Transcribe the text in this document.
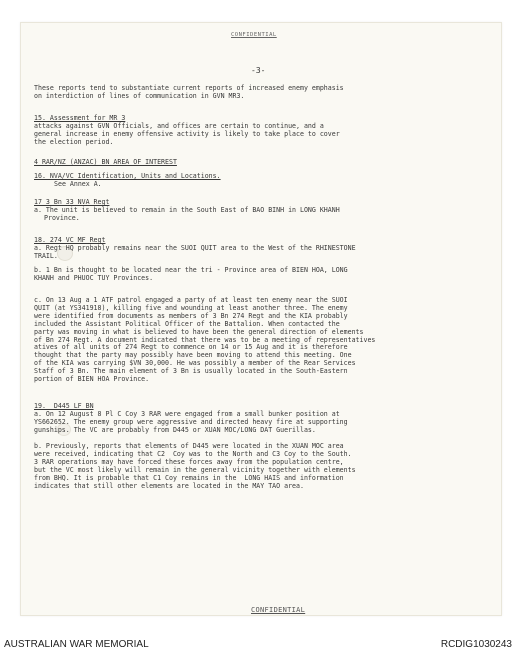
CONFIDENTIAL
-3-
These reports tend to substantiate current reports of increased enemy emphasis
on interdiction of lines of communication in GVN MR3.
15. Assessment for MR 3
attacks against GVN Officials, and offices are certain to continue, and a
general increase in enemy offensive activity is likely to take place to cover
the election period.
4 RAR/NZ (ANZAC) BN AREA OF INTEREST
16. NVA/VC Identification, Units and Locations.
See Annex A.
17 3 Bn 33 NVA Regt
a. The unit is believed to remain in the South East of BAO BINH in LONG KHANH
Province.
18. 274 VC MF Regt
a. Regt HQ probably remains near the SUOI QUIT area to the West of the RHINESTONE
TRAIL.
b. 1 Bn is thought to be located near the tri - Province area of BIEN HOA, LONG
KHANH and PHUOC TUY Provinces.
c. On 13 Aug a 1 ATF patrol engaged a party of at least ten enemy near the SUOI
QUIT (at YS341918), killing five and wounding at least another three. The enemy
were identified from documents as members of 3 Bn 274 Regt and the KIA probably
included the Assistant Political Officer of the Battalion. When contacted the
party was moving in what is believed to have been the general direction of elements
of Bn 274 Regt. A document indicated that there was to be a meeting of representatives
atives of all units of 274 Regt to commence on 14 or 15 Aug and it is therefore
thought that the party may possibly have been moving to attend this meeting. One
of the KIA was carrying $VN 30,000. He was possibly a member of the Rear Services
Staff of 3 Bn. The main element of 3 Bn is usually located in the South-Eastern
portion of BIEN HOA Province.
19.  D445 LF BN
a. On 12 August 8 Pl C Coy 3 RAR were engaged from a small bunker position at
YS662652. The enemy group were aggressive and directed heavy fire at supporting
gunships. The VC are probably from D445 or XUAN MOC/LONG DAT Guerillas.
b. Previously, reports that elements of D445 were located in the XUAN MOC area
were received, indicating that C2  Coy was to the North and C3 Coy to the South.
3 RAR operations may have forced these forces away from the population centre,
but the VC most likely will remain in the general vicinity together with elements
from BHQ. It is probable that C1 Coy remains in the  LONG HAIS and information
indicates that still other elements are located in the MAY TAO area.
CONFIDENTIAL
AUSTRALIAN WAR MEMORIAL	RCDIG1030243
